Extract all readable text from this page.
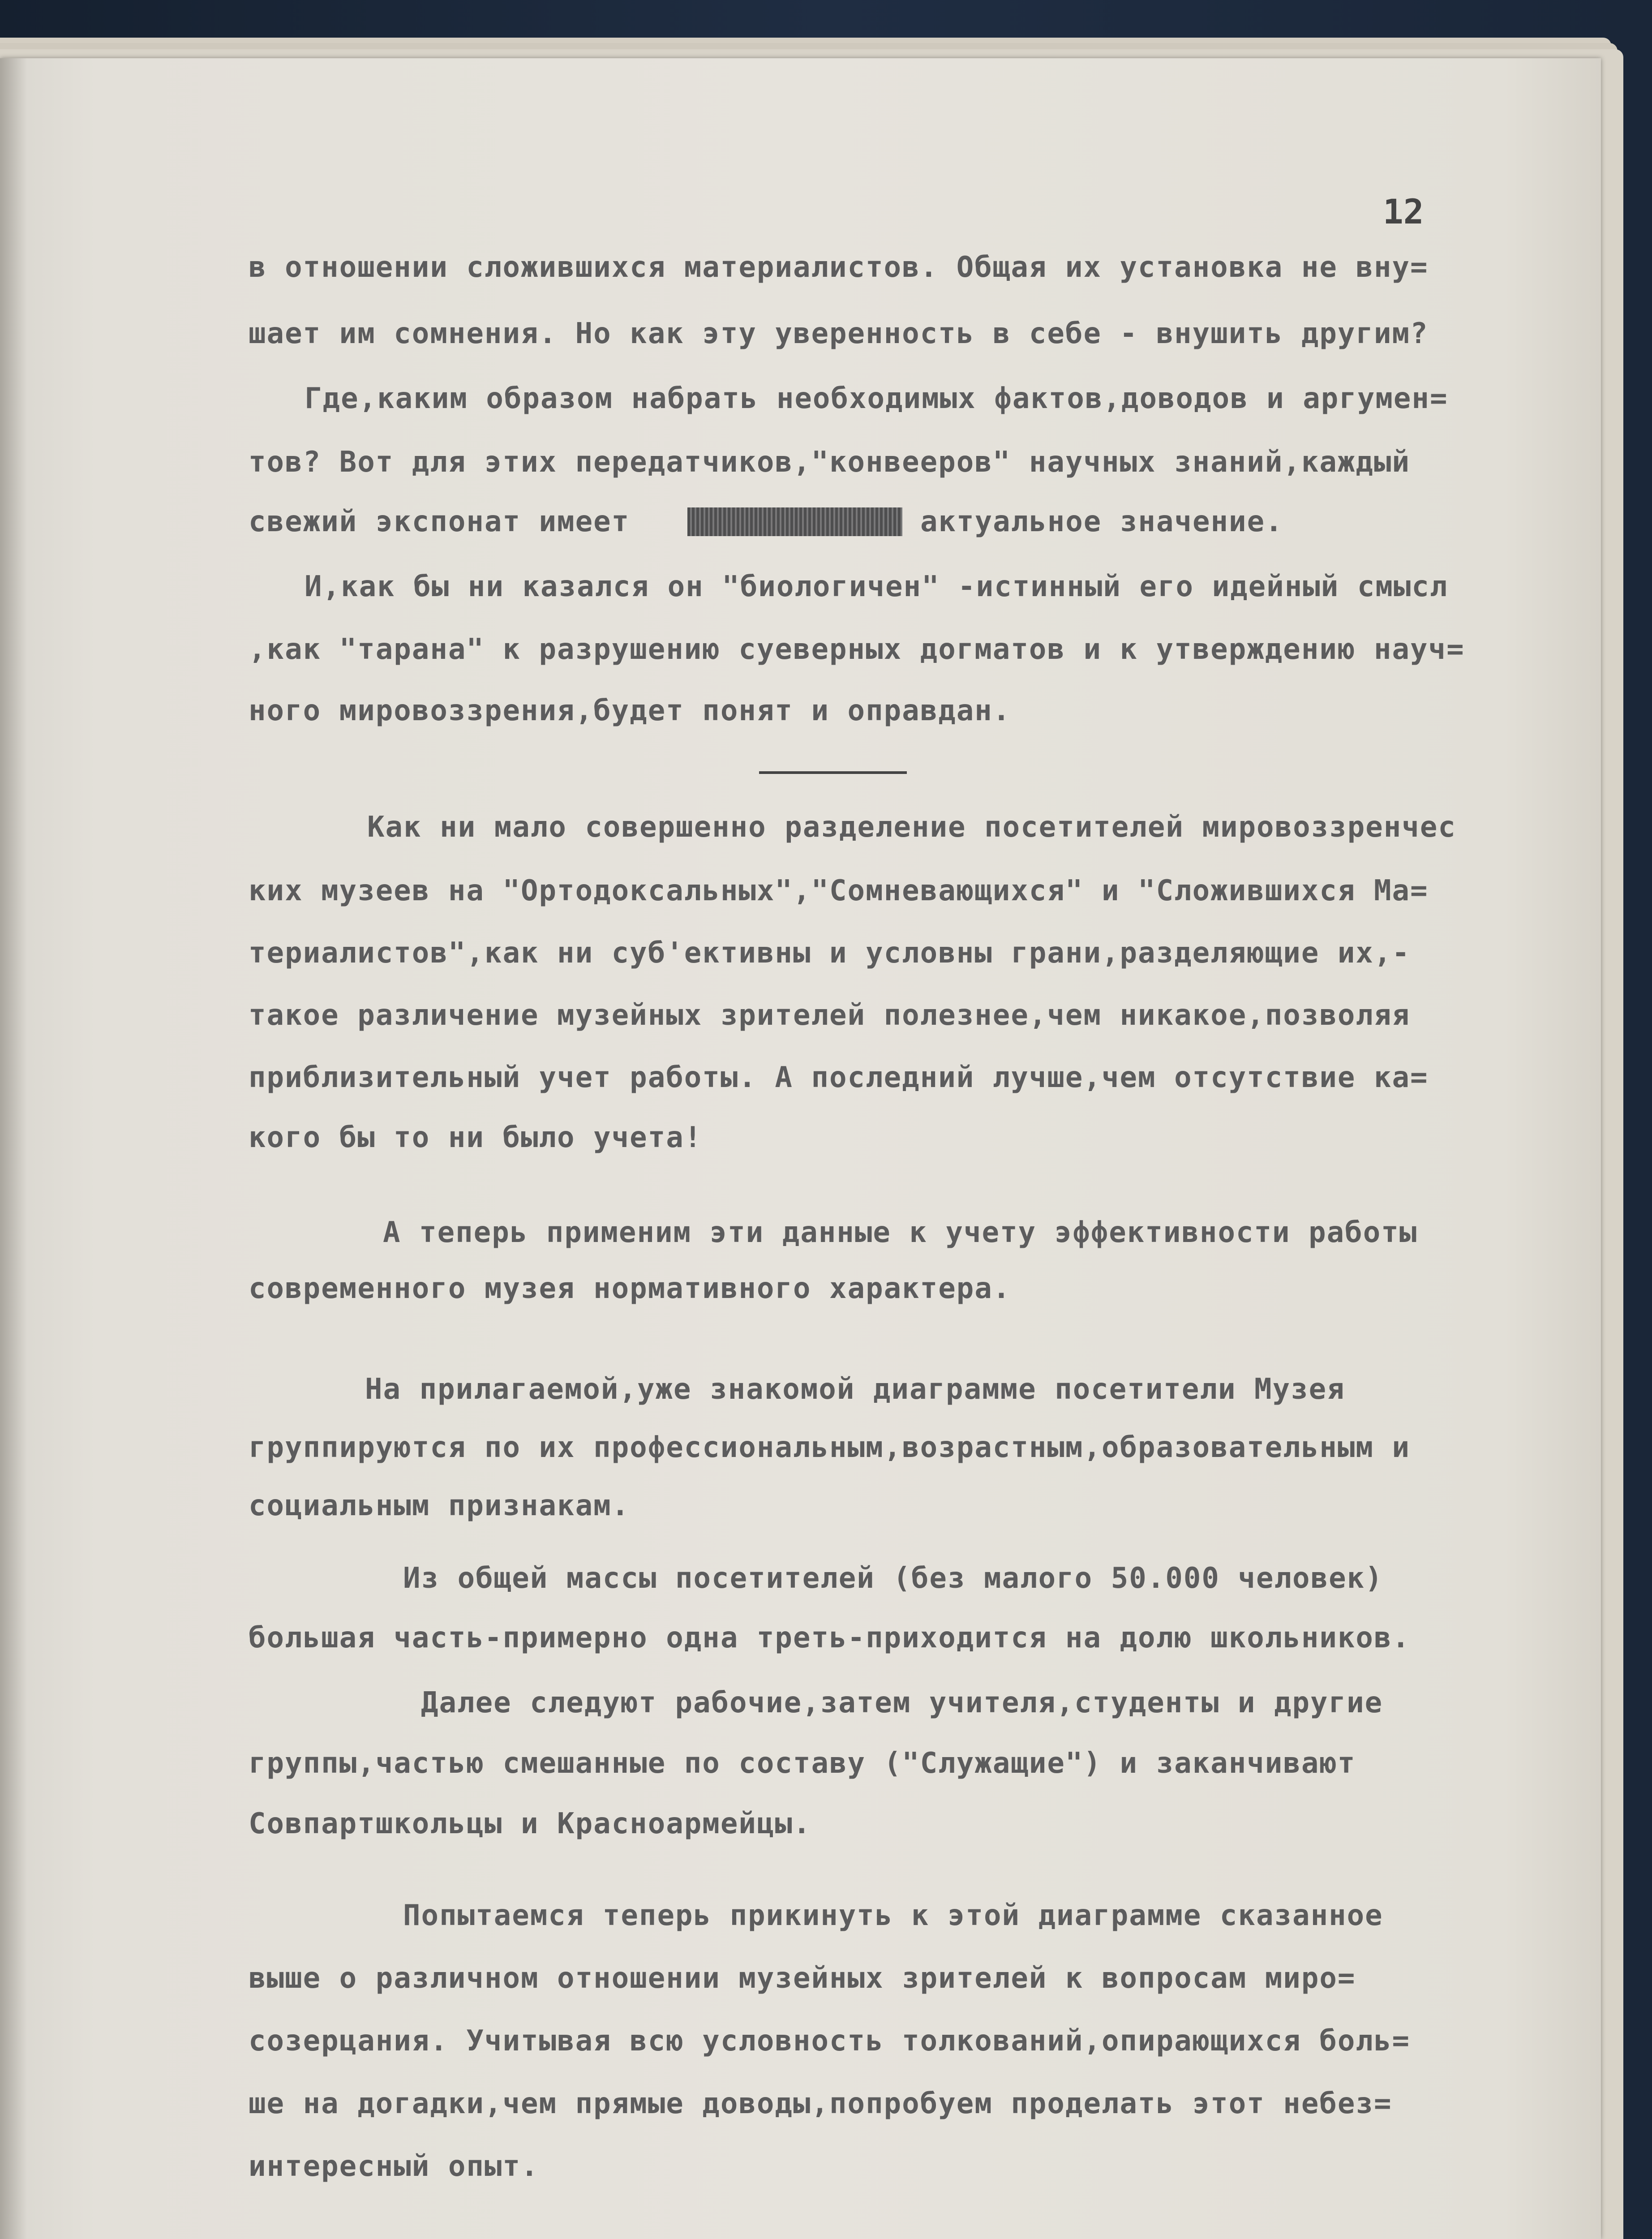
12
в отношении сложившихся материалистов. Общая их установка не вну=
шает им сомнения. Но как эту уверенность в себе - внушить другим?
Где,каким образом набрать необходимых фактов,доводов и аргумен=
тов? Вот для этих передатчиков,"конвееров" научных знаний,каждый
свежий экспонат имеет	актуальное значение.
И,как бы ни казался он "биологичен" -истинный его идейный смысл
,как "тарана" к разрушению суеверных догматов и к утверждению науч=
ного мировоззрения,будет понят и оправдан.
Как ни мало совершенно разделение посетителей мировоззренчес
ких музеев на "Ортодоксальных","Сомневающихся" и "Сложившихся Ма=
териалистов",как ни суб'ективны и условны грани,разделяющие их,-
такое различение музейных зрителей полезнее,чем никакое,позволяя
приблизительный учет работы. А последний лучше,чем отсутствие ка=
кого бы то ни было учета!
А теперь применим эти данные к учету эффективности работы
современного музея нормативного характера.
На прилагаемой,уже знакомой диаграмме посетители Музея
группируются по их профессиональным,возрастным,образовательным и
социальным признакам.
Из общей массы посетителей (без малого 50.000 человек)
большая часть-примерно одна треть-приходится на долю школьников.
Далее следуют рабочие,затем учителя,студенты и другие
группы,частью смешанные по составу ("Служащие") и заканчивают
Совпартшкольцы и Красноармейцы.
Попытаемся теперь прикинуть к этой диаграмме сказанное
выше о различном отношении музейных зрителей к вопросам миро=
созерцания. Учитывая всю условность толкований,опирающихся боль=
ше на догадки,чем прямые доводы,попробуем проделать этот небез=
интересный опыт.
